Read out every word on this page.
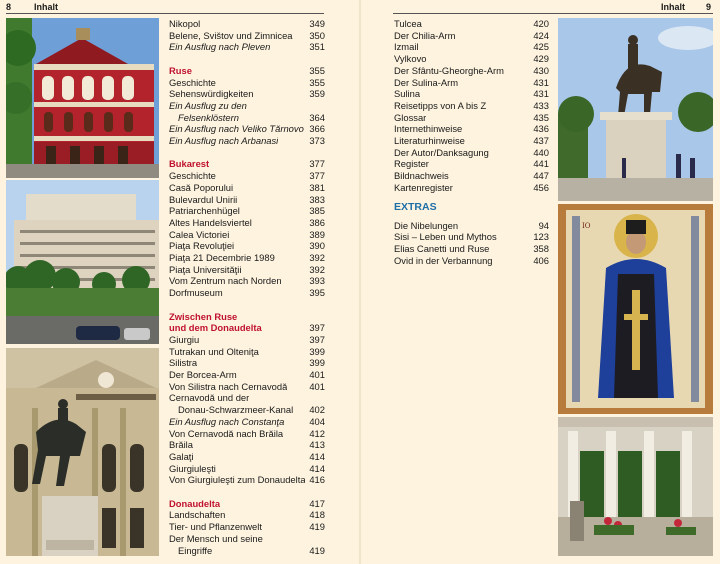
8	Inhalt	Inhalt 9
ΙΟ
Nikopol	349
Belene, Svištov und Zimnicea	350
Ein Ausflug nach Pleven	351
Ruse	355
Geschichte	355
Sehenswürdigkeiten	359
Ein Ausflug zu den
Felsenklöstern	364
Ein Ausflug nach Veliko Tărnovo 366
Ein Ausflug nach Arbanasi	373
Bukarest	377
Geschichte	377
Casă Poporului	381
Bulevardul Unirii	383
Patriarchenhügel	385
Altes Handelsviertel	386
Calea Victoriei	389
Piaţa Revoluţiei	390
Piaţa 21 Decembrie 1989	392
Piaţa Universităţii	392
Vom Zentrum nach Norden	393
Dorfmuseum	395
Zwischen Ruse
und dem Donaudelta	397
Giurgiu	397
Tutrakan und Olteniţa	399
Silistra	399
Der Borcea-Arm	401
Von Silistra nach Cernavodă	401
Cernavodă und der
Donau-Schwarzmeer-Kanal	402
Ein Ausflug nach Constanţa	404
Von Cernavodă nach Brăila	412
Brăila	413
Galaţi	414
Giurgiuleşti	414
Von Giurgiuleşti zum Donaudelta 416
Donaudelta	417
Landschaften	418
Tier- und Pflanzenwelt	419
Der Mensch und seine
Eingriffe	419
Tulcea	420
Der Chilia-Arm	424
Izmail	425
Vylkovo	429
Der Sfântu-Gheorghe-Arm	430
Der Sulina-Arm	431
Sulina	431
Reisetipps von A bis Z	433
Glossar	435
Internethinweise	436
Literaturhinweise	437
Der Autor/Danksagung	440
Register	441
Bildnachweis	447
Kartenregister	456
EXTRAS
Die Nibelungen	94
Sisi – Leben und Mythos	123
Elias Canetti und Ruse	358
Ovid in der Verbannung	406
